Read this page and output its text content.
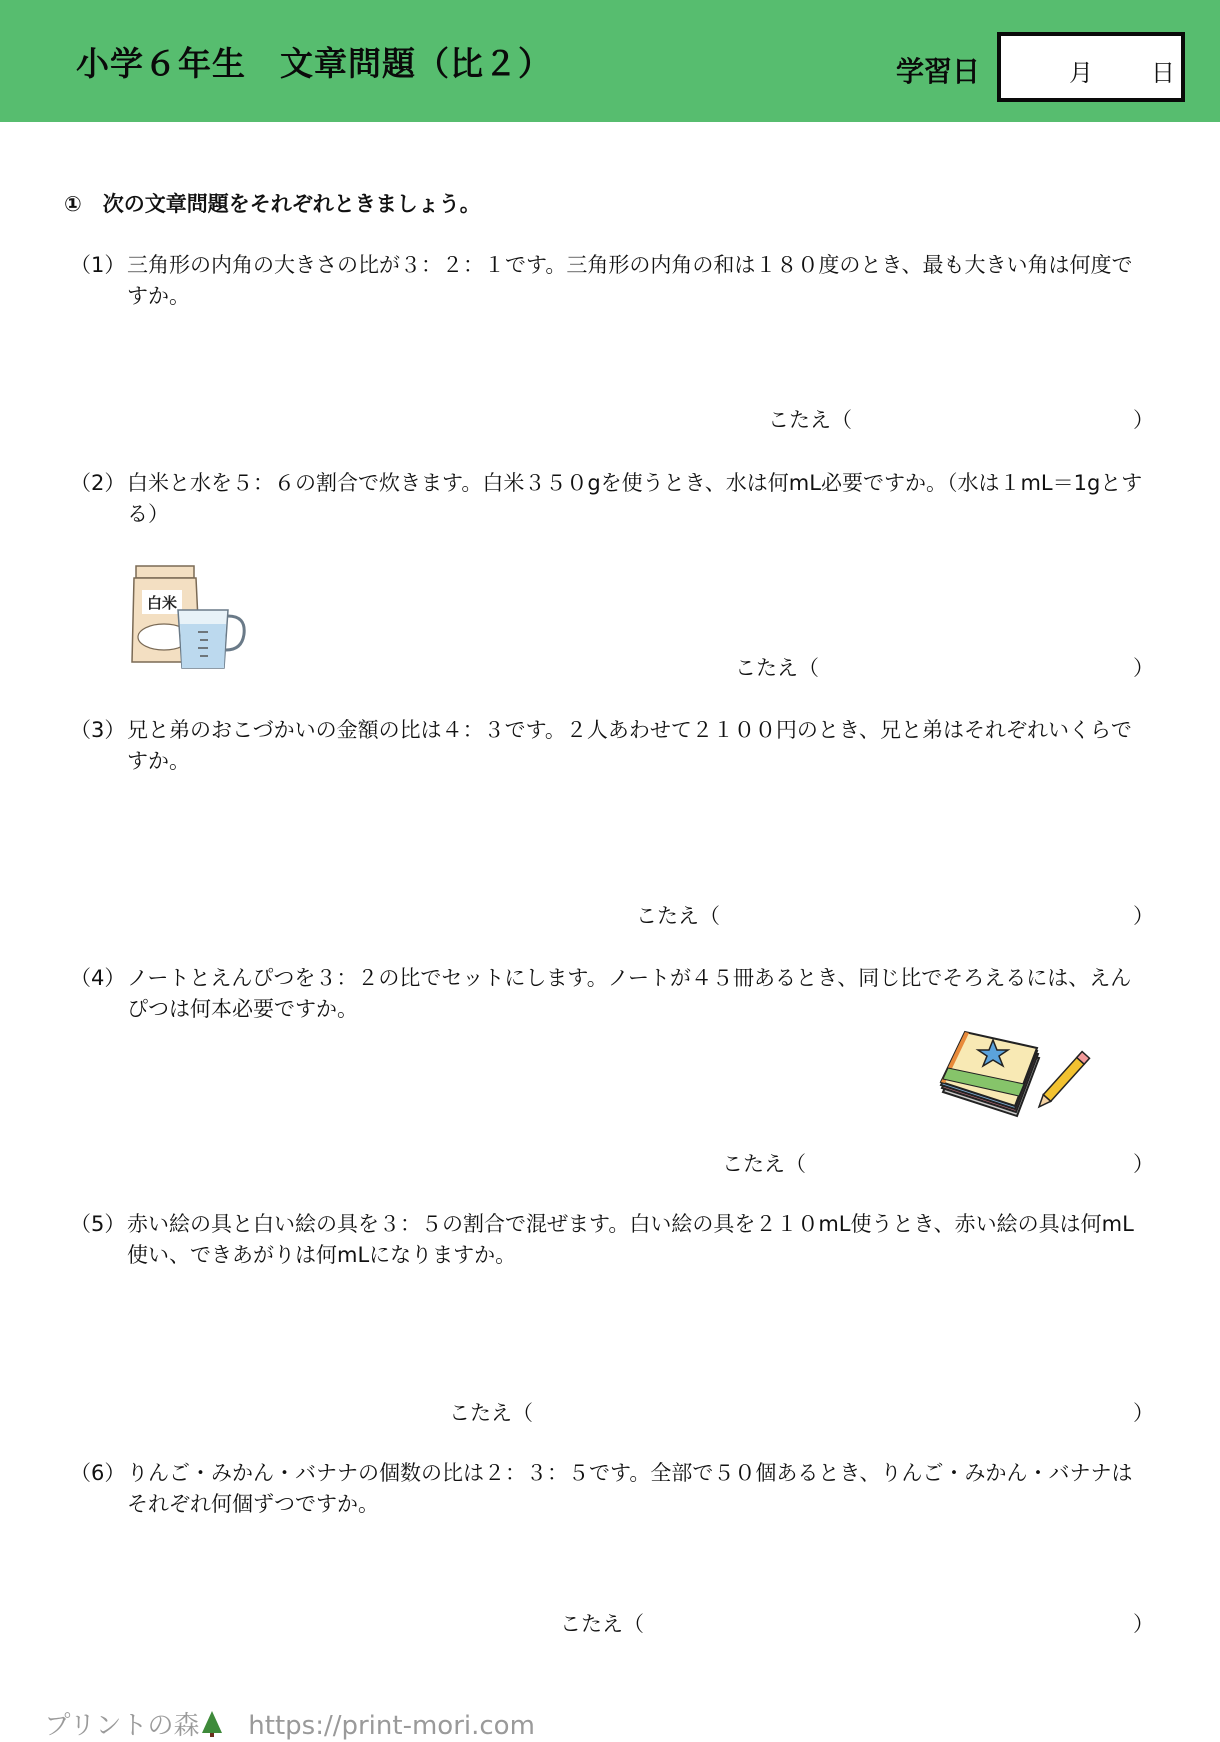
小学６年生　文章問題（比２）	学習日	月 日
①　次の文章問題をそれぞれときましょう。
（1） 三角形の内角の大きさの比が３：２：１です。三角形の内角の和は１８０度のとき、最も大きい角は何度ですか。
こたえ（	）
（2） 白米と水を５：６の割合で炊きます。白米３５０gを使うとき、水は何mL必要ですか。（水は１mL＝1gとする）
白米
こたえ（	）
（3） 兄と弟のおこづかいの金額の比は４：３です。２人あわせて２１００円のとき、兄と弟はそれぞれいくらですか。
こたえ（	）
（4） ノートとえんぴつを３：２の比でセットにします。ノートが４５冊あるとき、同じ比でそろえるには、えんぴつは何本必要ですか。
こたえ（	）
（5） 赤い絵の具と白い絵の具を３：５の割合で混ぜます。白い絵の具を２１０mL使うとき、赤い絵の具は何mL使い、できあがりは何mLになりますか。
こたえ（	）
（6） りんご・みかん・バナナの個数の比は２：３：５です。全部で５０個あるとき、りんご・みかん・バナナはそれぞれ何個ずつですか。
こたえ（	）

プリントの森 https://print-mori.com
